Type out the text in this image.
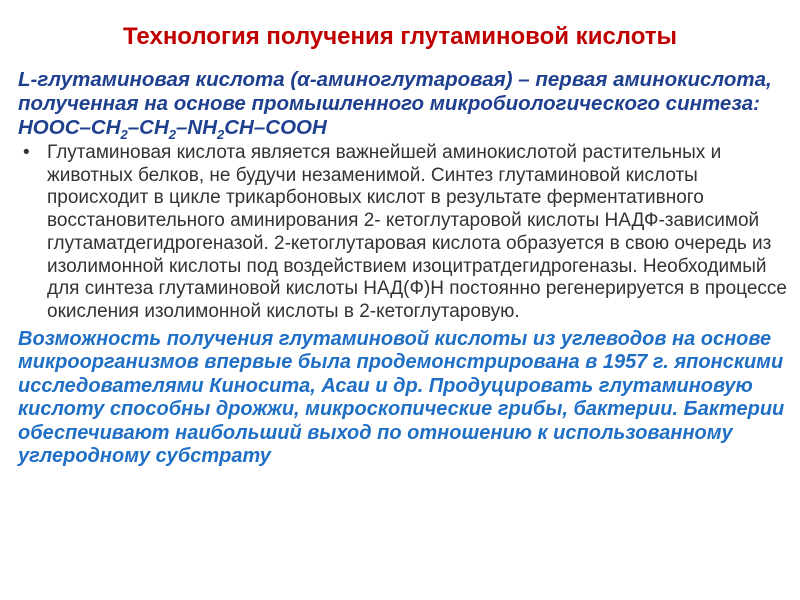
Технология получения глутаминовой кислоты

L-глутаминовая кислота (α-аминоглутаровая) – первая аминокислота, полученная на основе промышленного микробиологического синтеза: НООС–$СН_2-СН_2-NН_2СН$–СООН

• Глутаминовая кислота является важнейшей аминокислотой растительных и животных белков, не будучи незаменимой. Синтез глутаминовой кислоты происходит в цикле трикарбоновых кислот в результате ферментативного восстановительного аминирования 2- кетоглутаровой кислоты НАДФ-зависимой глутаматдегидрогеназой. 2-кетоглутаровая кислота образуется в свою очередь из изолимонной кислоты под воздействием изоцитратдегидрогеназы. Необходимый для синтеза глутаминовой кислоты НАД(Ф)Н постоянно регенерируется в процессе окисления изолимонной кислоты в 2-кетоглутаровую.

Возможность получения глутаминовой кислоты из углеводов на основе микроорганизмов впервые была продемонстрирована в 1957 г. японскими исследователями Киносита, Асаи и др. Продуцировать глутаминовую кислоту способны дрожжи, микроскопические грибы, бактерии. Бактерии обеспечивают наибольший выход по отношению к использованному углеродному субстрату
